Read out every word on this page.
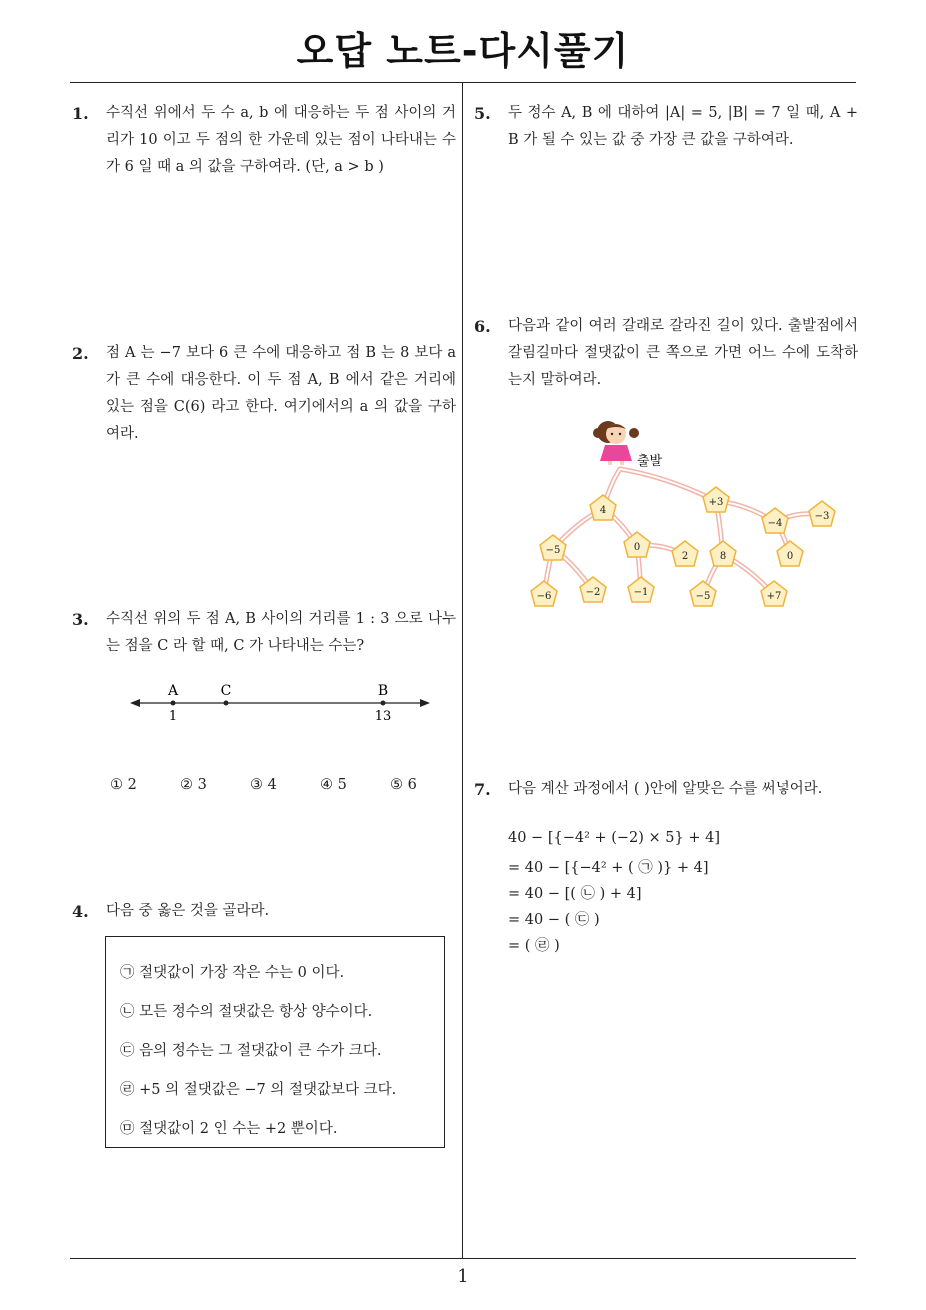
오답 노트-다시풀기
1
1. 수직선 위에서 두 수 a, b 에 대응하는 두 점 사이의 거리가 10 이고 두 점의 한 가운데 있는 점이 나타내는 수가 6 일 때 a 의 값을 구하여라. (단, a > b )
2. 점 A 는 −7 보다 6 큰 수에 대응하고 점 B 는 8 보다 a 가 큰 수에 대응한다. 이 두 점 A, B 에서 같은 거리에 있는 점을 C(6) 라고 한다. 여기에서의 a 의 값을 구하여라.
3. 수직선 위의 두 점 A, B 사이의 거리를 1 : 3 으로 나누는 점을 C 라 할 때, C 가 나타내는 수는?
A	C	B
1	13
① 2	② 3	③ 4	④ 5	⑤ 6
4. 다음 중 옳은 것을 골라라.
㉠ 절댓값이 가장 작은 수는 0 이다.
㉡ 모든 정수의 절댓값은 항상 양수이다.
㉢ 음의 정수는 그 절댓값이 큰 수가 크다.
㉣ +5 의 절댓값은 −7 의 절댓값보다 크다.
㉤ 절댓값이 2 인 수는 +2 뿐이다.
5. 두 정수 A, B 에 대하여 |A| = 5, |B| = 7 일 때, A + B 가 될 수 있는 값 중 가장 큰 값을 구하여라.
6. 다음과 같이 여러 갈래로 갈라진 길이 있다. 출발점에서 갈림길마다 절댓값이 큰 쪽으로 가면 어느 수에 도착하는지 말하여라.
출발
4
+3
−4
−3
−5	0
2	8	0
−6	−2	−1	−5	+7
7. 다음 계산 과정에서 ( )안에 알맞은 수를 써넣어라.
40 − [{−4² + (−2) × 5} + 4]
= 40 − [{−4² + ( ㉠ )} + 4]
= 40 − [( ㉡ ) + 4]
= 40 − ( ㉢ )
= ( ㉣ )
